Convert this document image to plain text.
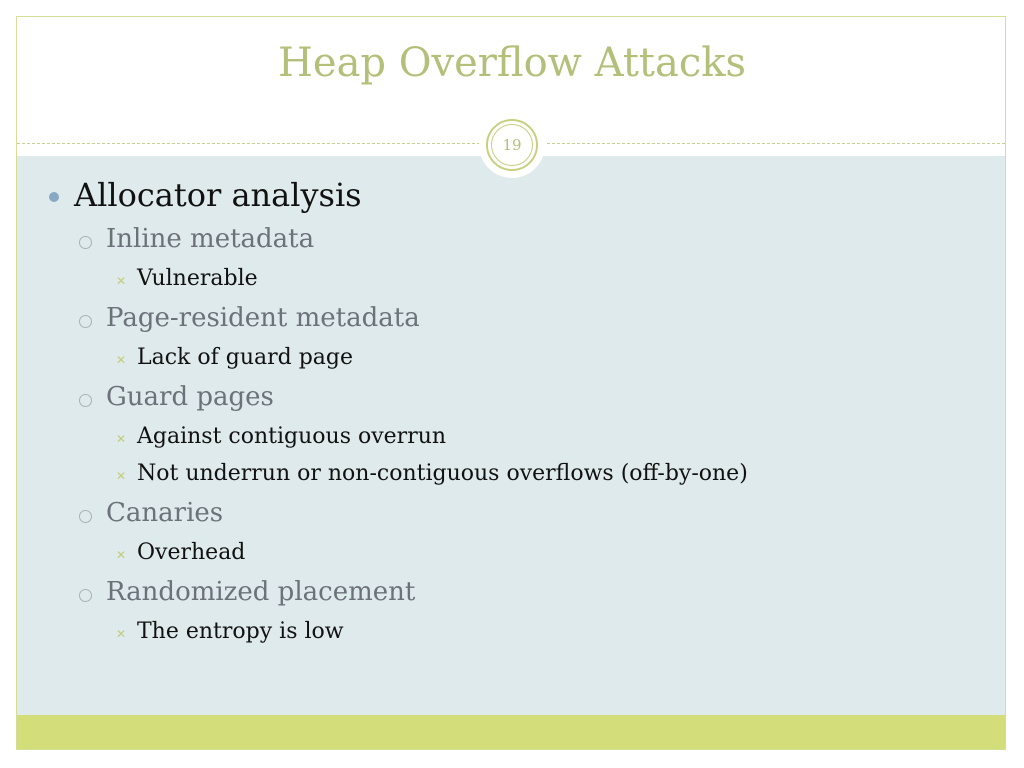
Heap Overflow Attacks
19
Allocator analysis
Inline metadata
✕ Vulnerable
Page-resident metadata
✕ Lack of guard page
Guard pages
✕ Against contiguous overrun
✕ Not underrun or non-contiguous overflows (off-by-one)
Canaries
✕ Overhead
Randomized placement
✕ The entropy is low
